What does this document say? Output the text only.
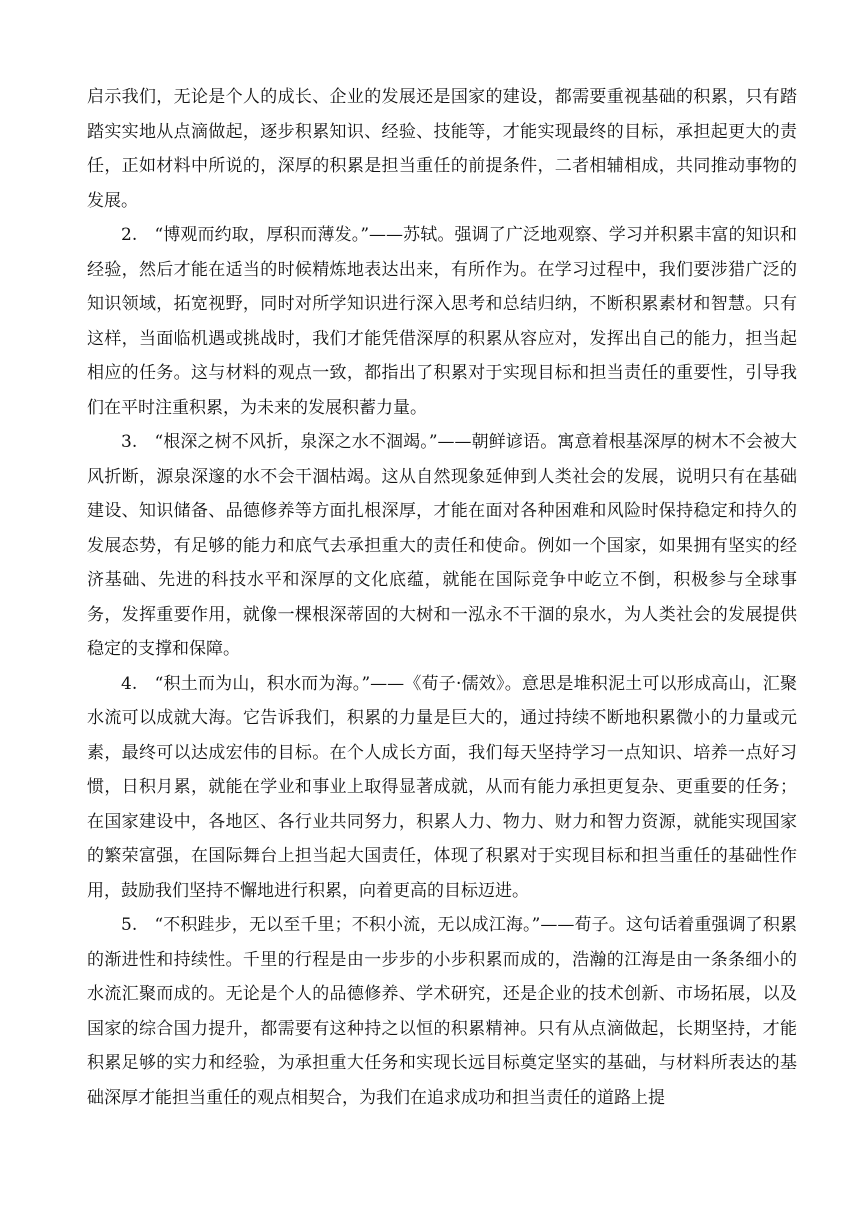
启示我们，无论是个人的成长、企业的发展还是国家的建设，都需要重视基础的积累，只有踏踏实实地从点滴做起，逐步积累知识、经验、技能等，才能实现最终的目标，承担起更大的责任，正如材料中所说的，深厚的积累是担当重任的前提条件，二者相辅相成，共同推动事物的发展。

2.　“博观而约取，厚积而薄发。”——苏轼。强调了广泛地观察、学习并积累丰富的知识和经验，然后才能在适当的时候精炼地表达出来，有所作为。在学习过程中，我们要涉猎广泛的知识领域，拓宽视野，同时对所学知识进行深入思考和总结归纳，不断积累素材和智慧。只有这样，当面临机遇或挑战时，我们才能凭借深厚的积累从容应对，发挥出自己的能力，担当起相应的任务。这与材料的观点一致，都指出了积累对于实现目标和担当责任的重要性，引导我们在平时注重积累，为未来的发展积蓄力量。

3.　“根深之树不风折，泉深之水不涸竭。”——朝鲜谚语。寓意着根基深厚的树木不会被大风折断，源泉深邃的水不会干涸枯竭。这从自然现象延伸到人类社会的发展，说明只有在基础建设、知识储备、品德修养等方面扎根深厚，才能在面对各种困难和风险时保持稳定和持久的发展态势，有足够的能力和底气去承担重大的责任和使命。例如一个国家，如果拥有坚实的经济基础、先进的科技水平和深厚的文化底蕴，就能在国际竞争中屹立不倒，积极参与全球事务，发挥重要作用，就像一棵根深蒂固的大树和一泓永不干涸的泉水，为人类社会的发展提供稳定的支撑和保障。

4.　“积土而为山，积水而为海。”——《荀子·儒效》。意思是堆积泥土可以形成高山，汇聚水流可以成就大海。它告诉我们，积累的力量是巨大的，通过持续不断地积累微小的力量或元素，最终可以达成宏伟的目标。在个人成长方面，我们每天坚持学习一点知识、培养一点好习惯，日积月累，就能在学业和事业上取得显著成就，从而有能力承担更复杂、更重要的任务；在国家建设中，各地区、各行业共同努力，积累人力、物力、财力和智力资源，就能实现国家的繁荣富强，在国际舞台上担当起大国责任，体现了积累对于实现目标和担当重任的基础性作用，鼓励我们坚持不懈地进行积累，向着更高的目标迈进。

5.　“不积跬步，无以至千里；不积小流，无以成江海。”——荀子。这句话着重强调了积累的渐进性和持续性。千里的行程是由一步步的小步积累而成的，浩瀚的江海是由一条条细小的水流汇聚而成的。无论是个人的品德修养、学术研究，还是企业的技术创新、市场拓展，以及国家的综合国力提升，都需要有这种持之以恒的积累精神。只有从点滴做起，长期坚持，才能积累足够的实力和经验，为承担重大任务和实现长远目标奠定坚实的基础，与材料所表达的基础深厚才能担当重任的观点相契合，为我们在追求成功和担当责任的道路上提
